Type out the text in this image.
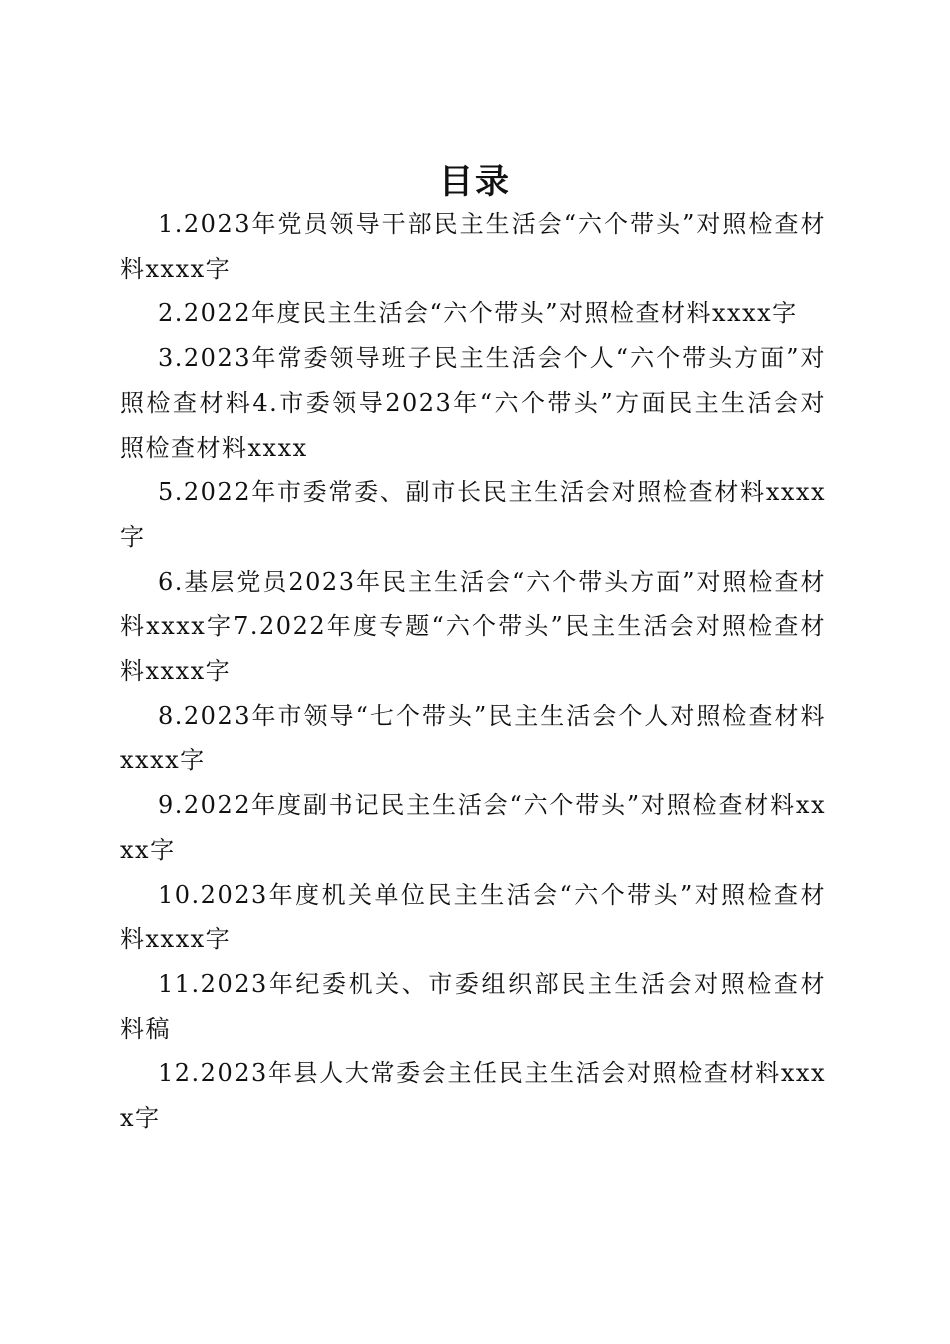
目录

1.2023年党员领导干部民主生活会“六个带头”对照检查材料xxxx字

2.2022年度民主生活会“六个带头”对照检查材料xxxx字

3.2023年常委领导班子民主生活会个人“六个带头方面”对照检查材料4.市委领导2023年“六个带头”方面民主生活会对照检查材料xxxx

5.2022年市委常委、副市长民主生活会对照检查材料xxxx字

6.基层党员2023年民主生活会“六个带头方面”对照检查材料xxxx字7.2022年度专题“六个带头”民主生活会对照检查材料xxxx字

8.2023年市领导“七个带头”民主生活会个人对照检查材料xxxx字

9.2022年度副书记民主生活会“六个带头”对照检查材料xxxx字

10.2023年度机关单位民主生活会“六个带头”对照检查材料xxxx字

11.2023年纪委机关、市委组织部民主生活会对照检查材料稿

12.2023年县人大常委会主任民主生活会对照检查材料xxxx字
